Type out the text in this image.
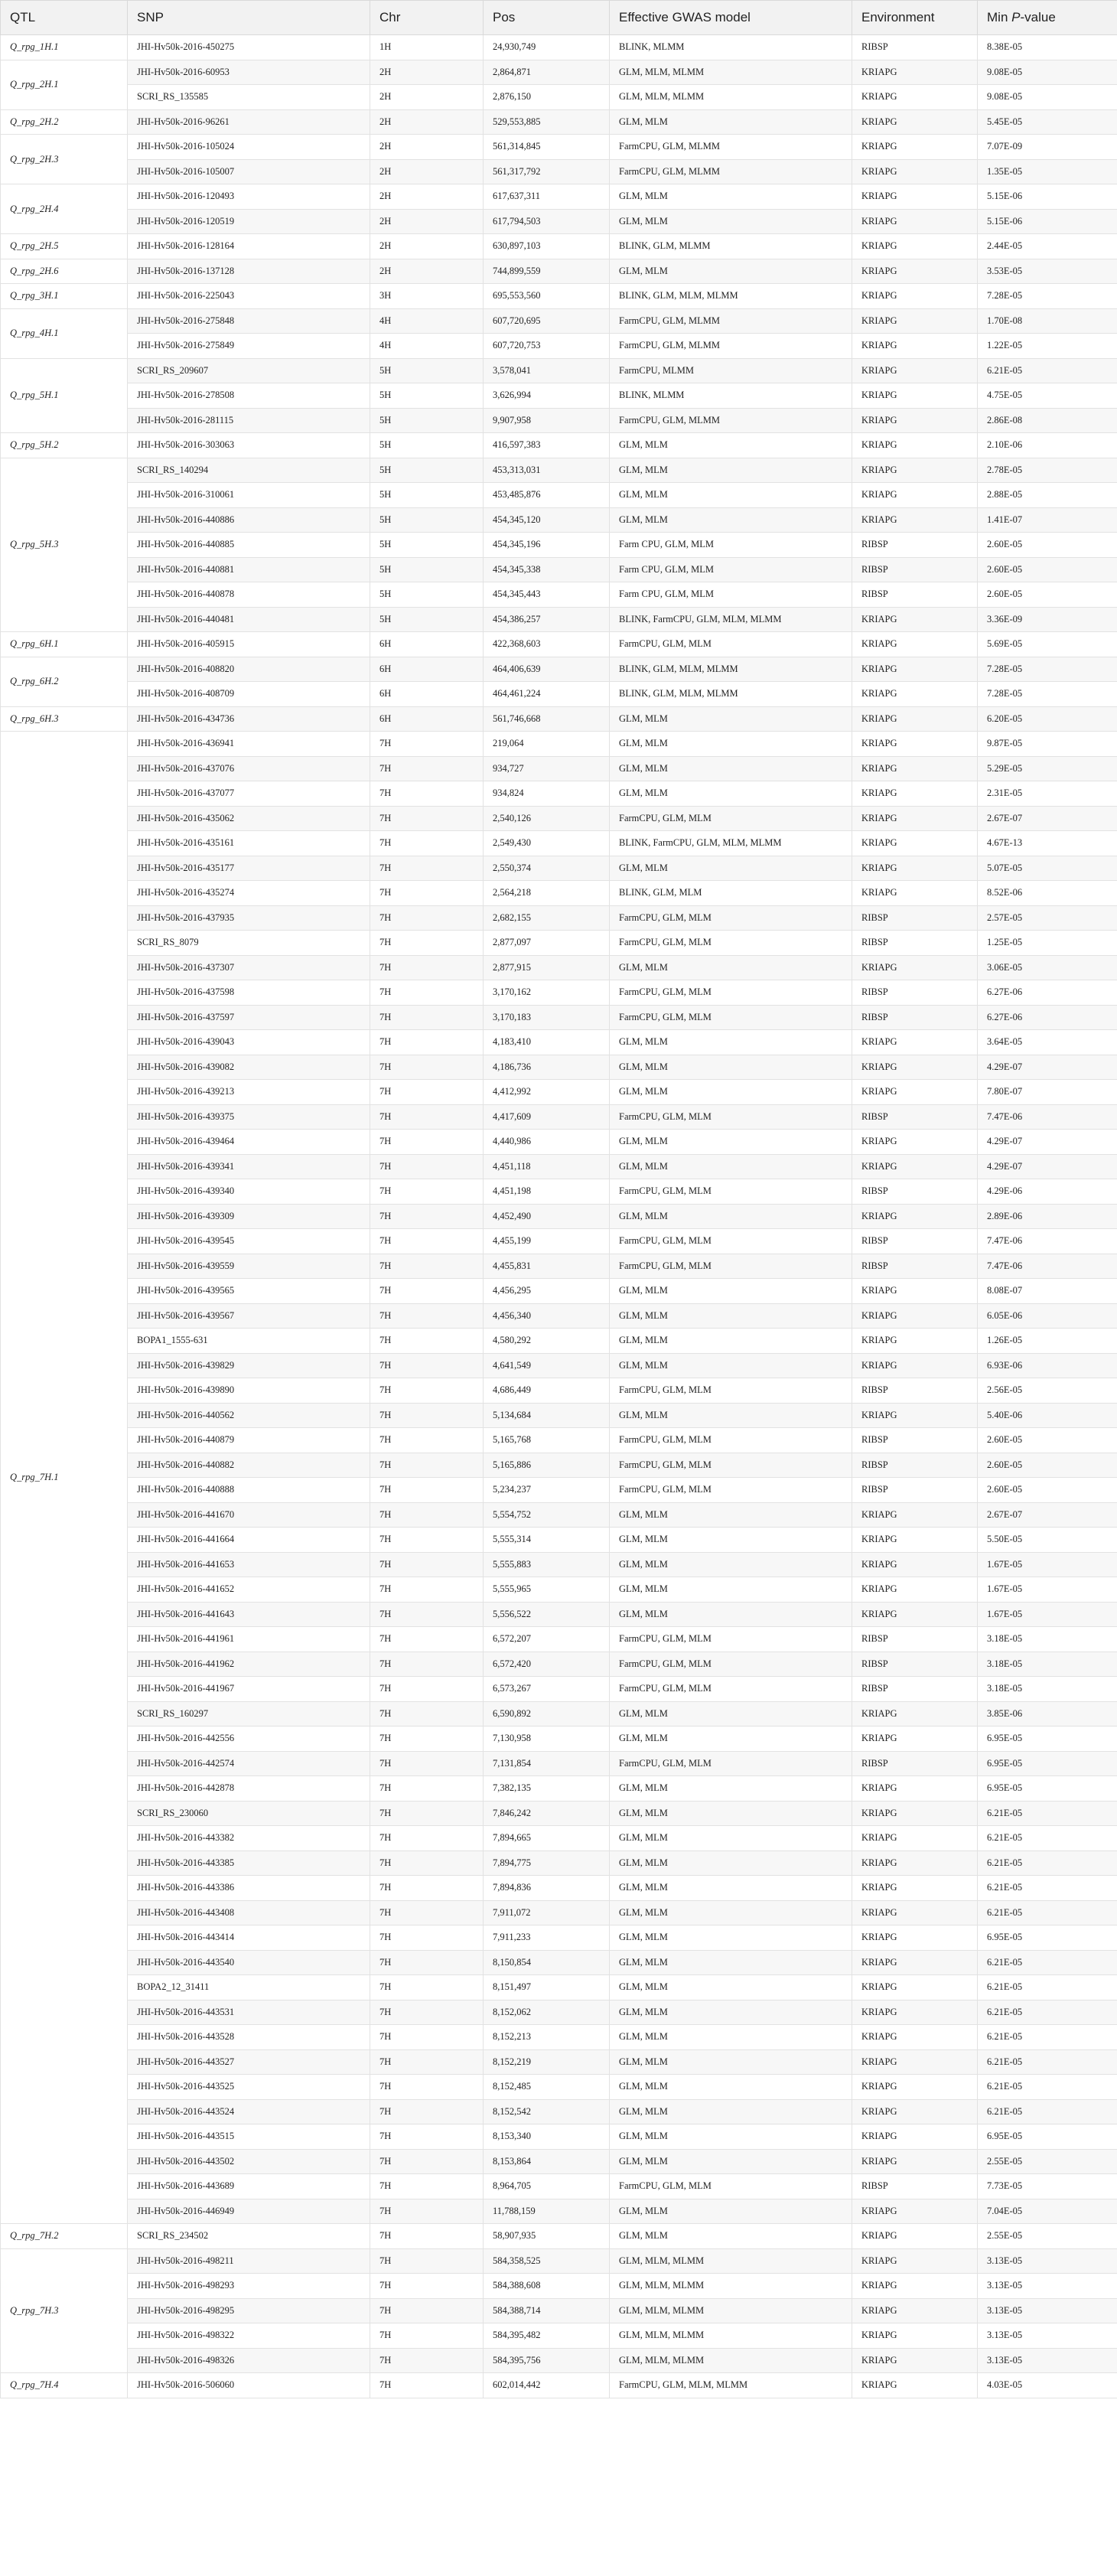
QTL	SNP	Chr	Pos	Effective GWAS model	Environment	Min P-value
Q_rpg_1H.1	JHI-Hv50k-2016-450275	1H	24,930,749	BLINK, MLMM	RIBSP	8.38E-05
Q_rpg_2H.1	JHI-Hv50k-2016-60953	2H	2,864,871	GLM, MLM, MLMM	KRIAPG	9.08E-05
	SCRI_RS_135585	2H	2,876,150	GLM, MLM, MLMM	KRIAPG	9.08E-05
Q_rpg_2H.2	JHI-Hv50k-2016-96261	2H	529,553,885	GLM, MLM	KRIAPG	5.45E-05
Q_rpg_2H.3	JHI-Hv50k-2016-105024	2H	561,314,845	FarmCPU, GLM, MLMM	KRIAPG	7.07E-09
	JHI-Hv50k-2016-105007	2H	561,317,792	FarmCPU, GLM, MLMM	KRIAPG	1.35E-05
Q_rpg_2H.4	JHI-Hv50k-2016-120493	2H	617,637,311	GLM, MLM	KRIAPG	5.15E-06
	JHI-Hv50k-2016-120519	2H	617,794,503	GLM, MLM	KRIAPG	5.15E-06
Q_rpg_2H.5	JHI-Hv50k-2016-128164	2H	630,897,103	BLINK, GLM, MLMM	KRIAPG	2.44E-05
Q_rpg_2H.6	JHI-Hv50k-2016-137128	2H	744,899,559	GLM, MLM	KRIAPG	3.53E-05
Q_rpg_3H.1	JHI-Hv50k-2016-225043	3H	695,553,560	BLINK, GLM, MLM, MLMM	KRIAPG	7.28E-05
Q_rpg_4H.1	JHI-Hv50k-2016-275848	4H	607,720,695	FarmCPU, GLM, MLMM	KRIAPG	1.70E-08
	JHI-Hv50k-2016-275849	4H	607,720,753	FarmCPU, GLM, MLMM	KRIAPG	1.22E-05
Q_rpg_5H.1	SCRI_RS_209607	5H	3,578,041	FarmCPU, MLMM	KRIAPG	6.21E-05
	JHI-Hv50k-2016-278508	5H	3,626,994	BLINK, MLMM	KRIAPG	4.75E-05
	JHI-Hv50k-2016-281115	5H	9,907,958	FarmCPU, GLM, MLMM	KRIAPG	2.86E-08
Q_rpg_5H.2	JHI-Hv50k-2016-303063	5H	416,597,383	GLM, MLM	KRIAPG	2.10E-06
Q_rpg_5H.3	SCRI_RS_140294	5H	453,313,031	GLM, MLM	KRIAPG	2.78E-05
	JHI-Hv50k-2016-310061	5H	453,485,876	GLM, MLM	KRIAPG	2.88E-05
	JHI-Hv50k-2016-440886	5H	454,345,120	GLM, MLM	KRIAPG	1.41E-07
	JHI-Hv50k-2016-440885	5H	454,345,196	Farm CPU, GLM, MLM	RIBSP	2.60E-05
	JHI-Hv50k-2016-440881	5H	454,345,338	Farm CPU, GLM, MLM	RIBSP	2.60E-05
	JHI-Hv50k-2016-440878	5H	454,345,443	Farm CPU, GLM, MLM	RIBSP	2.60E-05
	JHI-Hv50k-2016-440481	5H	454,386,257	BLINK, FarmCPU, GLM, MLM, MLMM	KRIAPG	3.36E-09
Q_rpg_6H.1	JHI-Hv50k-2016-405915	6H	422,368,603	FarmCPU, GLM, MLM	KRIAPG	5.69E-05
Q_rpg_6H.2	JHI-Hv50k-2016-408820	6H	464,406,639	BLINK, GLM, MLM, MLMM	KRIAPG	7.28E-05
	JHI-Hv50k-2016-408709	6H	464,461,224	BLINK, GLM, MLM, MLMM	KRIAPG	7.28E-05
Q_rpg_6H.3	JHI-Hv50k-2016-434736	6H	561,746,668	GLM, MLM	KRIAPG	6.20E-05
Q_rpg_7H.1	JHI-Hv50k-2016-436941	7H	219,064	GLM, MLM	KRIAPG	9.87E-05
	JHI-Hv50k-2016-437076	7H	934,727	GLM, MLM	KRIAPG	5.29E-05
	JHI-Hv50k-2016-437077	7H	934,824	GLM, MLM	KRIAPG	2.31E-05
	JHI-Hv50k-2016-435062	7H	2,540,126	FarmCPU, GLM, MLM	KRIAPG	2.67E-07
	JHI-Hv50k-2016-435161	7H	2,549,430	BLINK, FarmCPU, GLM, MLM, MLMM	KRIAPG	4.67E-13
	JHI-Hv50k-2016-435177	7H	2,550,374	GLM, MLM	KRIAPG	5.07E-05
	JHI-Hv50k-2016-435274	7H	2,564,218	BLINK, GLM, MLM	KRIAPG	8.52E-06
	JHI-Hv50k-2016-437935	7H	2,682,155	FarmCPU, GLM, MLM	RIBSP	2.57E-05
	SCRI_RS_8079	7H	2,877,097	FarmCPU, GLM, MLM	RIBSP	1.25E-05
	JHI-Hv50k-2016-437307	7H	2,877,915	GLM, MLM	KRIAPG	3.06E-05
	JHI-Hv50k-2016-437598	7H	3,170,162	FarmCPU, GLM, MLM	RIBSP	6.27E-06
	JHI-Hv50k-2016-437597	7H	3,170,183	FarmCPU, GLM, MLM	RIBSP	6.27E-06
	JHI-Hv50k-2016-439043	7H	4,183,410	GLM, MLM	KRIAPG	3.64E-05
	JHI-Hv50k-2016-439082	7H	4,186,736	GLM, MLM	KRIAPG	4.29E-07
	JHI-Hv50k-2016-439213	7H	4,412,992	GLM, MLM	KRIAPG	7.80E-07
	JHI-Hv50k-2016-439375	7H	4,417,609	FarmCPU, GLM, MLM	RIBSP	7.47E-06
	JHI-Hv50k-2016-439464	7H	4,440,986	GLM, MLM	KRIAPG	4.29E-07
	JHI-Hv50k-2016-439341	7H	4,451,118	GLM, MLM	KRIAPG	4.29E-07
	JHI-Hv50k-2016-439340	7H	4,451,198	FarmCPU, GLM, MLM	RIBSP	4.29E-06
	JHI-Hv50k-2016-439309	7H	4,452,490	GLM, MLM	KRIAPG	2.89E-06
	JHI-Hv50k-2016-439545	7H	4,455,199	FarmCPU, GLM, MLM	RIBSP	7.47E-06
	JHI-Hv50k-2016-439559	7H	4,455,831	FarmCPU, GLM, MLM	RIBSP	7.47E-06
	JHI-Hv50k-2016-439565	7H	4,456,295	GLM, MLM	KRIAPG	8.08E-07
	JHI-Hv50k-2016-439567	7H	4,456,340	GLM, MLM	KRIAPG	6.05E-06
	BOPA1_1555-631	7H	4,580,292	GLM, MLM	KRIAPG	1.26E-05
	JHI-Hv50k-2016-439829	7H	4,641,549	GLM, MLM	KRIAPG	6.93E-06
	JHI-Hv50k-2016-439890	7H	4,686,449	FarmCPU, GLM, MLM	RIBSP	2.56E-05
	JHI-Hv50k-2016-440562	7H	5,134,684	GLM, MLM	KRIAPG	5.40E-06
	JHI-Hv50k-2016-440879	7H	5,165,768	FarmCPU, GLM, MLM	RIBSP	2.60E-05
	JHI-Hv50k-2016-440882	7H	5,165,886	FarmCPU, GLM, MLM	RIBSP	2.60E-05
	JHI-Hv50k-2016-440888	7H	5,234,237	FarmCPU, GLM, MLM	RIBSP	2.60E-05
	JHI-Hv50k-2016-441670	7H	5,554,752	GLM, MLM	KRIAPG	2.67E-07
	JHI-Hv50k-2016-441664	7H	5,555,314	GLM, MLM	KRIAPG	5.50E-05
	JHI-Hv50k-2016-441653	7H	5,555,883	GLM, MLM	KRIAPG	1.67E-05
	JHI-Hv50k-2016-441652	7H	5,555,965	GLM, MLM	KRIAPG	1.67E-05
	JHI-Hv50k-2016-441643	7H	5,556,522	GLM, MLM	KRIAPG	1.67E-05
	JHI-Hv50k-2016-441961	7H	6,572,207	FarmCPU, GLM, MLM	RIBSP	3.18E-05
	JHI-Hv50k-2016-441962	7H	6,572,420	FarmCPU, GLM, MLM	RIBSP	3.18E-05
	JHI-Hv50k-2016-441967	7H	6,573,267	FarmCPU, GLM, MLM	RIBSP	3.18E-05
	SCRI_RS_160297	7H	6,590,892	GLM, MLM	KRIAPG	3.85E-06
	JHI-Hv50k-2016-442556	7H	7,130,958	GLM, MLM	KRIAPG	6.95E-05
	JHI-Hv50k-2016-442574	7H	7,131,854	FarmCPU, GLM, MLM	RIBSP	6.95E-05
	JHI-Hv50k-2016-442878	7H	7,382,135	GLM, MLM	KRIAPG	6.95E-05
	SCRI_RS_230060	7H	7,846,242	GLM, MLM	KRIAPG	6.21E-05
	JHI-Hv50k-2016-443382	7H	7,894,665	GLM, MLM	KRIAPG	6.21E-05
	JHI-Hv50k-2016-443385	7H	7,894,775	GLM, MLM	KRIAPG	6.21E-05
	JHI-Hv50k-2016-443386	7H	7,894,836	GLM, MLM	KRIAPG	6.21E-05
	JHI-Hv50k-2016-443408	7H	7,911,072	GLM, MLM	KRIAPG	6.21E-05
	JHI-Hv50k-2016-443414	7H	7,911,233	GLM, MLM	KRIAPG	6.95E-05
	JHI-Hv50k-2016-443540	7H	8,150,854	GLM, MLM	KRIAPG	6.21E-05
	BOPA2_12_31411	7H	8,151,497	GLM, MLM	KRIAPG	6.21E-05
	JHI-Hv50k-2016-443531	7H	8,152,062	GLM, MLM	KRIAPG	6.21E-05
	JHI-Hv50k-2016-443528	7H	8,152,213	GLM, MLM	KRIAPG	6.21E-05
	JHI-Hv50k-2016-443527	7H	8,152,219	GLM, MLM	KRIAPG	6.21E-05
	JHI-Hv50k-2016-443525	7H	8,152,485	GLM, MLM	KRIAPG	6.21E-05
	JHI-Hv50k-2016-443524	7H	8,152,542	GLM, MLM	KRIAPG	6.21E-05
	JHI-Hv50k-2016-443515	7H	8,153,340	GLM, MLM	KRIAPG	6.95E-05
	JHI-Hv50k-2016-443502	7H	8,153,864	GLM, MLM	KRIAPG	2.55E-05
	JHI-Hv50k-2016-443689	7H	8,964,705	FarmCPU, GLM, MLM	RIBSP	7.73E-05
	JHI-Hv50k-2016-446949	7H	11,788,159	GLM, MLM	KRIAPG	7.04E-05
Q_rpg_7H.2	SCRI_RS_234502	7H	58,907,935	GLM, MLM	KRIAPG	2.55E-05
Q_rpg_7H.3	JHI-Hv50k-2016-498211	7H	584,358,525	GLM, MLM, MLMM	KRIAPG	3.13E-05
	JHI-Hv50k-2016-498293	7H	584,388,608	GLM, MLM, MLMM	KRIAPG	3.13E-05
	JHI-Hv50k-2016-498295	7H	584,388,714	GLM, MLM, MLMM	KRIAPG	3.13E-05
	JHI-Hv50k-2016-498322	7H	584,395,482	GLM, MLM, MLMM	KRIAPG	3.13E-05
	JHI-Hv50k-2016-498326	7H	584,395,756	GLM, MLM, MLMM	KRIAPG	3.13E-05
Q_rpg_7H.4	JHI-Hv50k-2016-506060	7H	602,014,442	FarmCPU, GLM, MLM, MLMM	KRIAPG	4.03E-05
